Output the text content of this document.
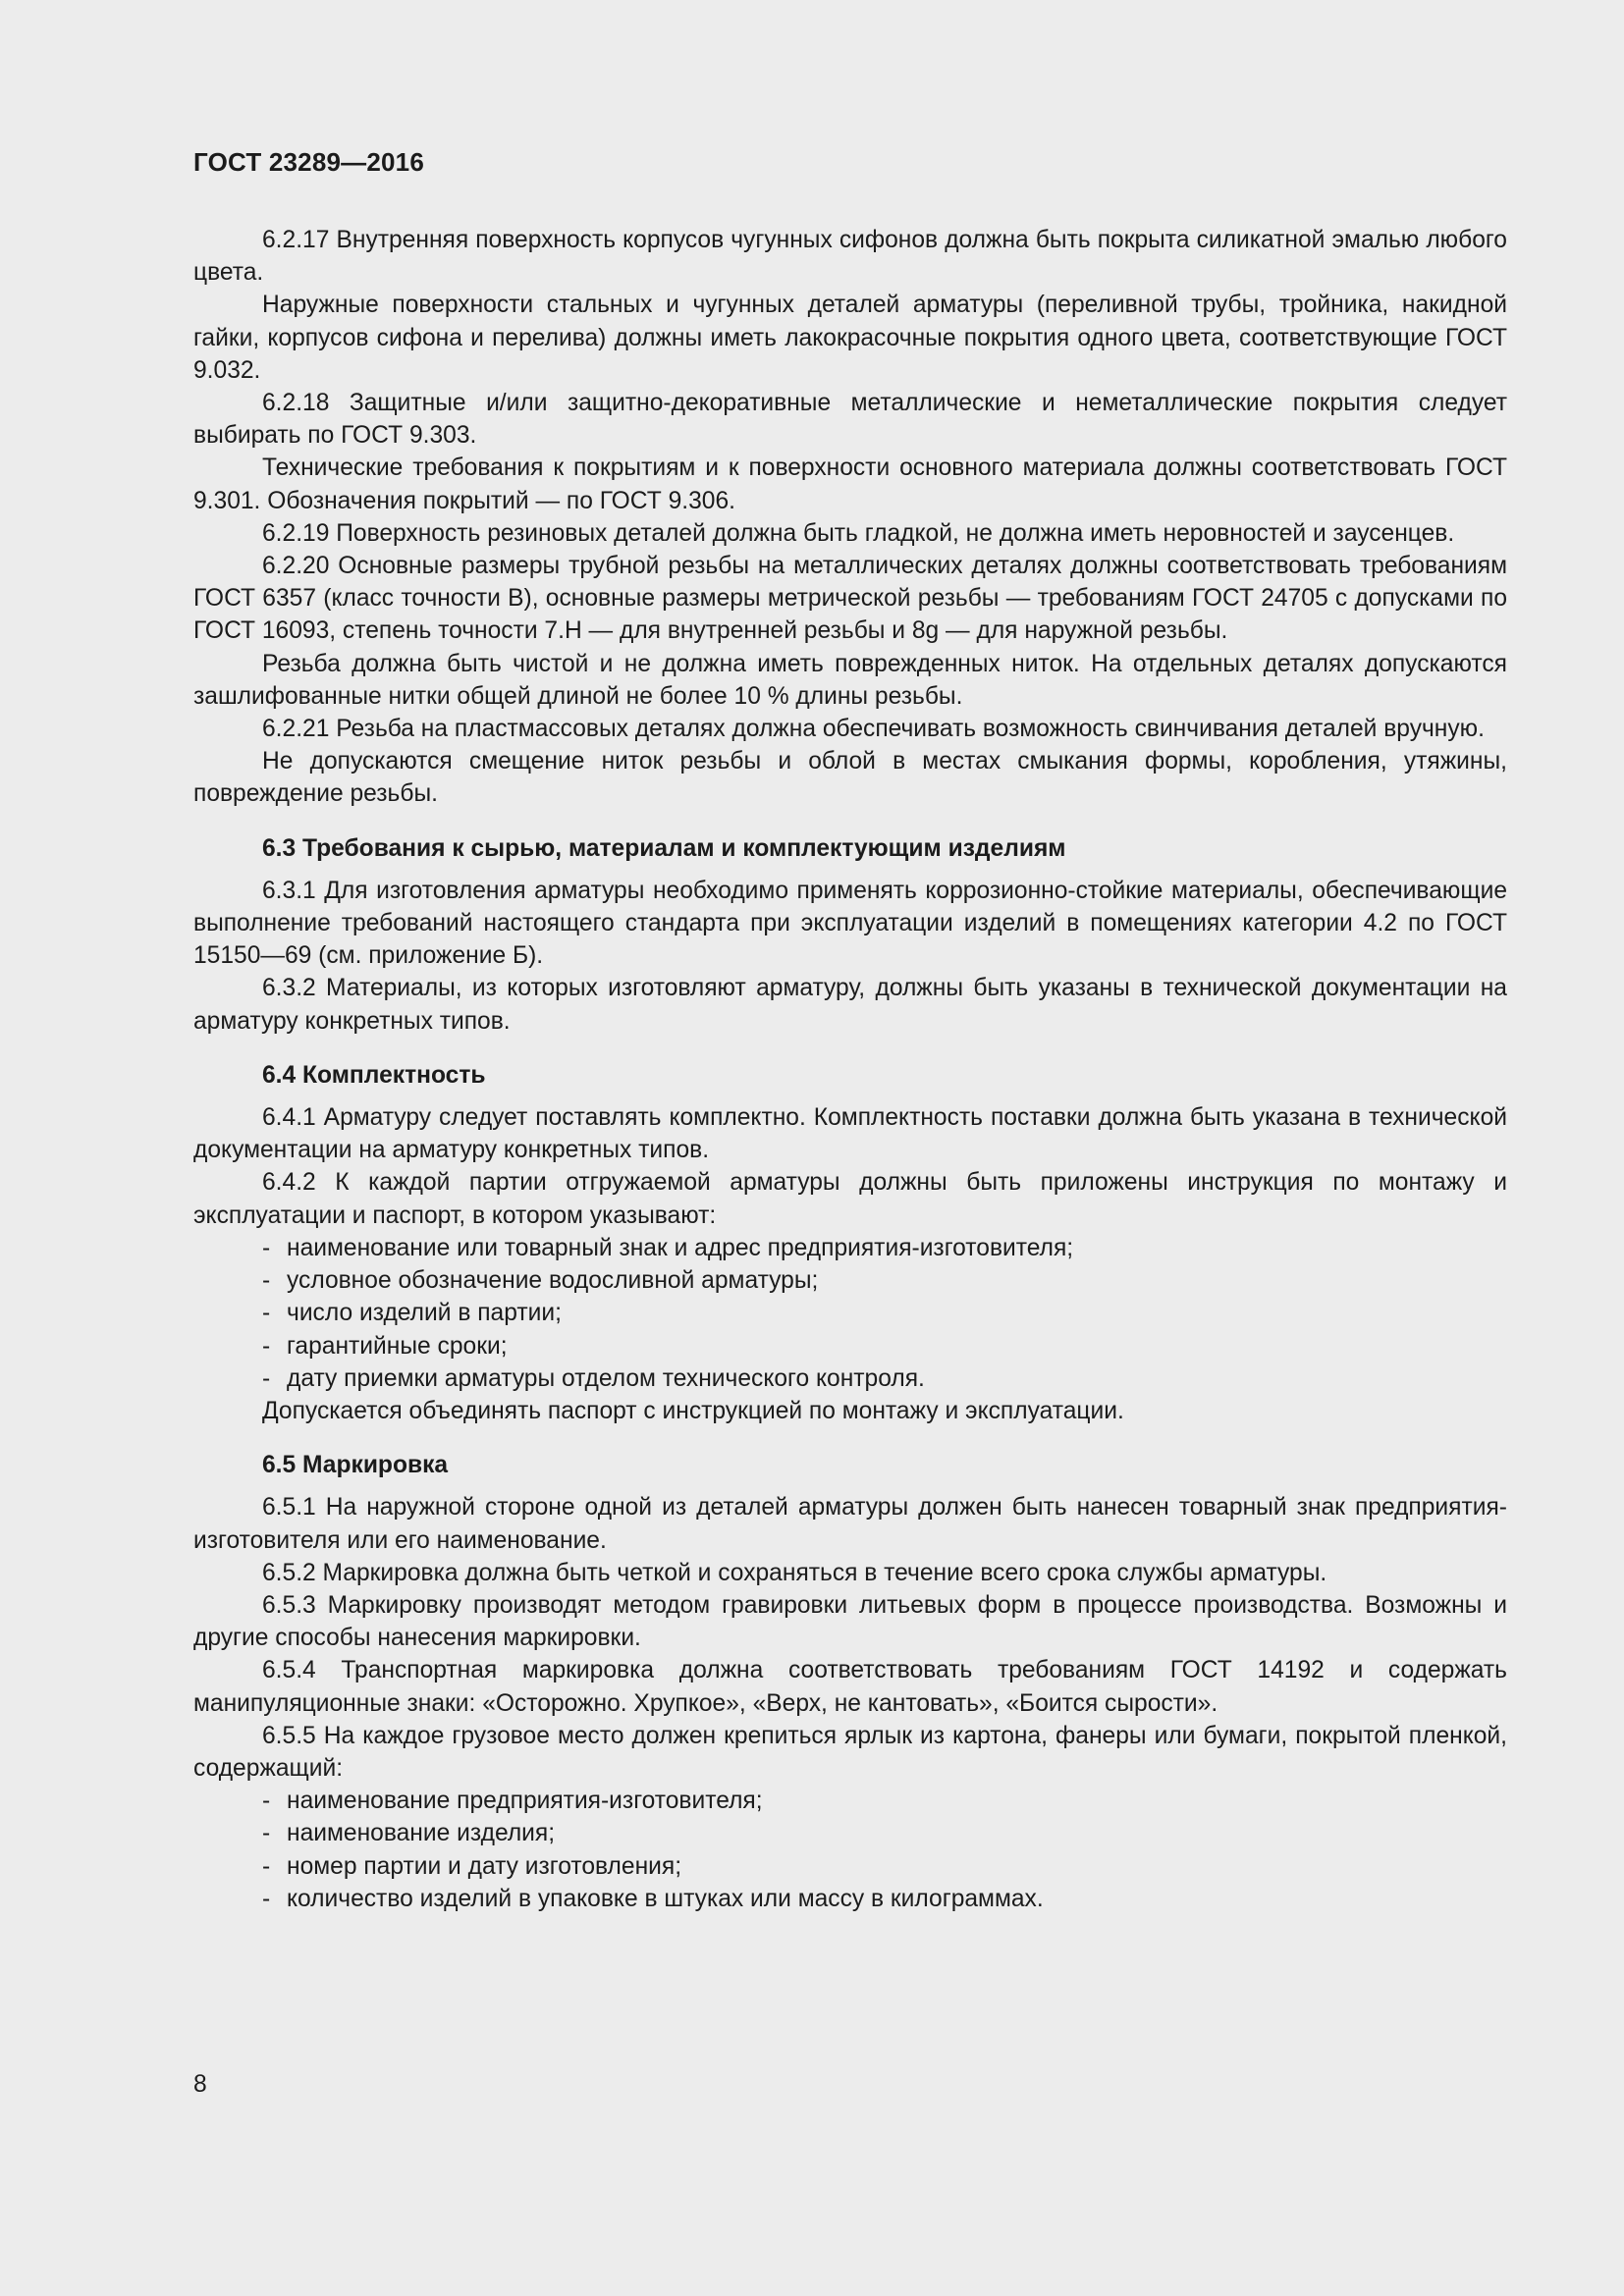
ГОСТ 23289—2016

6.2.17 Внутренняя поверхность корпусов чугунных сифонов должна быть покрыта силикатной эмалью любого цвета.

Наружные поверхности стальных и чугунных деталей арматуры (переливной трубы, тройника, накидной гайки, корпусов сифона и перелива) должны иметь лакокрасочные покрытия одного цвета, соответствующие ГОСТ 9.032.

6.2.18 Защитные и/или защитно-декоративные металлические и неметаллические покрытия следует выбирать по ГОСТ 9.303.

Технические требования к покрытиям и к поверхности основного материала должны соответствовать ГОСТ 9.301. Обозначения покрытий — по ГОСТ 9.306.

6.2.19 Поверхность резиновых деталей должна быть гладкой, не должна иметь неровностей и заусенцев.

6.2.20 Основные размеры трубной резьбы на металлических деталях должны соответствовать требованиям ГОСТ 6357 (класс точности В), основные размеры метрической резьбы — требованиям ГОСТ 24705 с допусками по ГОСТ 16093, степень точности 7.Н — для внутренней резьбы и 8g — для наружной резьбы.

Резьба должна быть чистой и не должна иметь поврежденных ниток. На отдельных деталях допускаются зашлифованные нитки общей длиной не более 10 % длины резьбы.

6.2.21 Резьба на пластмассовых деталях должна обеспечивать возможность свинчивания деталей вручную.

Не допускаются смещение ниток резьбы и облой в местах смыкания формы, коробления, утяжины, повреждение резьбы.

6.3 Требования к сырью, материалам и комплектующим изделиям

6.3.1 Для изготовления арматуры необходимо применять коррозионно-стойкие материалы, обеспечивающие выполнение требований настоящего стандарта при эксплуатации изделий в помещениях категории 4.2 по ГОСТ 15150—69 (см. приложение Б).

6.3.2 Материалы, из которых изготовляют арматуру, должны быть указаны в технической документации на арматуру конкретных типов.

6.4 Комплектность

6.4.1 Арматуру следует поставлять комплектно. Комплектность поставки должна быть указана в технической документации на арматуру конкретных типов.

6.4.2 К каждой партии отгружаемой арматуры должны быть приложены инструкция по монтажу и эксплуатации и паспорт, в котором указывают:

- наименование или товарный знак и адрес предприятия-изготовителя;
- условное обозначение водосливной арматуры;
- число изделий в партии;
- гарантийные сроки;
- дату приемки арматуры отделом технического контроля.

Допускается объединять паспорт с инструкцией по монтажу и эксплуатации.

6.5 Маркировка

6.5.1 На наружной стороне одной из деталей арматуры должен быть нанесен товарный знак предприятия-изготовителя или его наименование.

6.5.2 Маркировка должна быть четкой и сохраняться в течение всего срока службы арматуры.

6.5.3 Маркировку производят методом гравировки литьевых форм в процессе производства. Возможны и другие способы нанесения маркировки.

6.5.4 Транспортная маркировка должна соответствовать требованиям ГОСТ 14192 и содержать манипуляционные знаки: «Осторожно. Хрупкое», «Верх, не кантовать», «Боится сырости».

6.5.5 На каждое грузовое место должен крепиться ярлык из картона, фанеры или бумаги, покрытой пленкой, содержащий:

- наименование предприятия-изготовителя;
- наименование изделия;
- номер партии и дату изготовления;
- количество изделий в упаковке в штуках или массу в килограммах.
8
